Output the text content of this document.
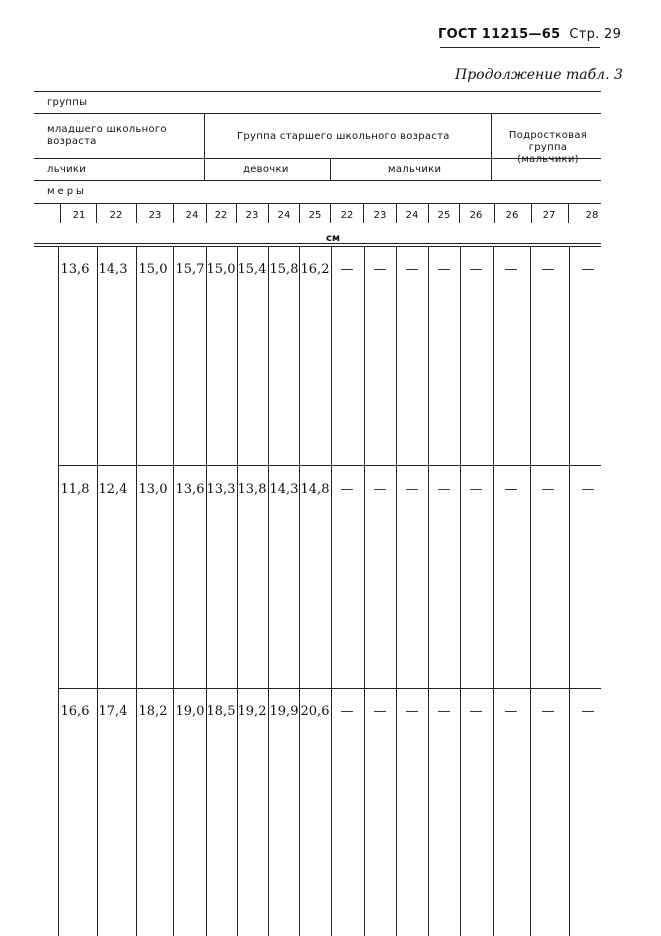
ГОСТ 11215—65 Стр. 29
Продолжение табл. 3
группы
младшего школьного возраста	Группа старшего школьного возраста	Подростковая группа (мальчики)
льчики	девочки	мальчики
меры
21	22	23	24	22	23	24	25	22	23	24	25	26	26	27	28
см
13,6 14,3 15,0 15,7 15,0 15,4 15,8 16,2 —	—	—	—	—	—	—	—
11,8 12,4 13,0 13,6 13,3 13,8 14,3 14,8 —	—	—	—	—	—	—	—
16,6 17,4 18,2 19,0 18,5 19,2 19,9 20,6 —	—	—	—	—	—	—	—
